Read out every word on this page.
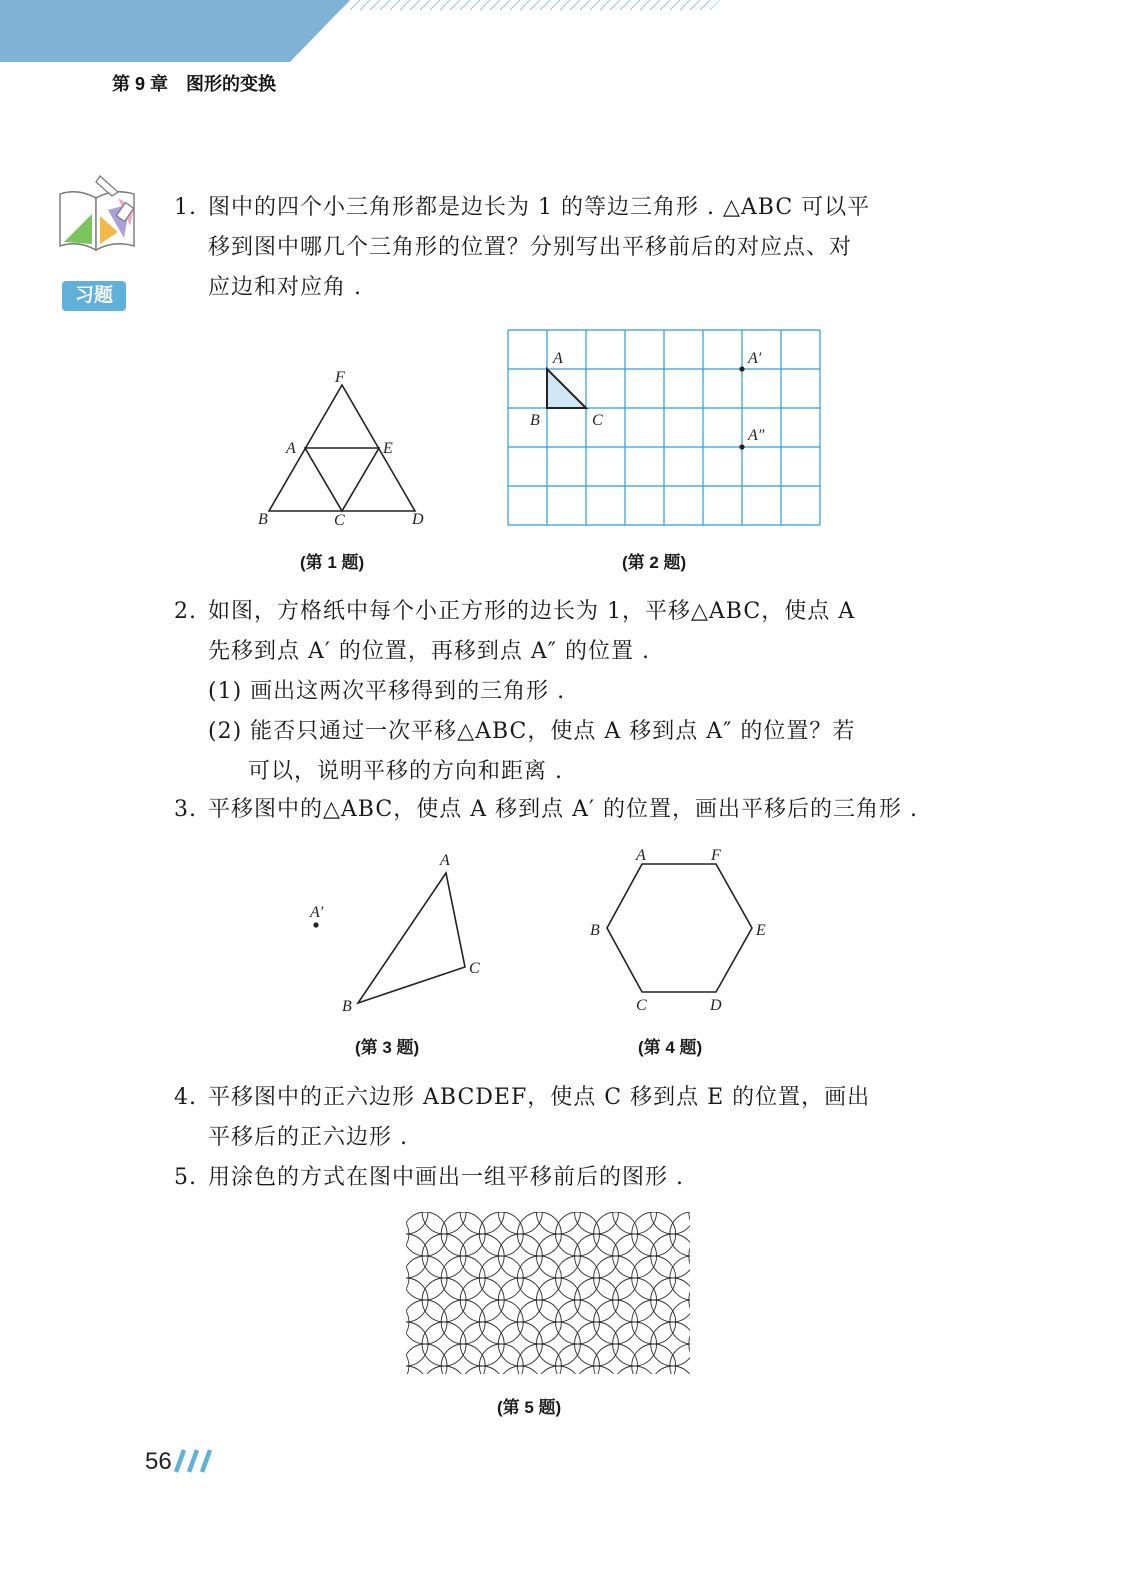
第 9 章　图形的变换
习题
1. 图中的四个小三角形都是边长为 1 的等边三角形 . △ABC 可以平
移到图中哪几个三角形的位置？分别写出平移前后的对应点、对
应边和对应角 .
F
A	E
B	C	D
(第 1 题)
A
B	C
A′
A″
(第 2 题)
2. 如图，方格纸中每个小正方形的边长为 1，平移△ABC，使点 A
先移到点 A′ 的位置，再移到点 A″ 的位置 .
(1) 画出这两次平移得到的三角形 .
(2) 能否只通过一次平移△ABC，使点 A 移到点 A″ 的位置？若
可以，说明平移的方向和距离 .
3. 平移图中的△ABC，使点 A 移到点 A′ 的位置，画出平移后的三角形 .
A
B
C
A′
(第 3 题)
A	F
B	E
C	D
(第 4 题)
4. 平移图中的正六边形 ABCDEF，使点 C 移到点 E 的位置，画出
平移后的正六边形 .
5. 用涂色的方式在图中画出一组平移前后的图形 .
(第 5 题)
56
